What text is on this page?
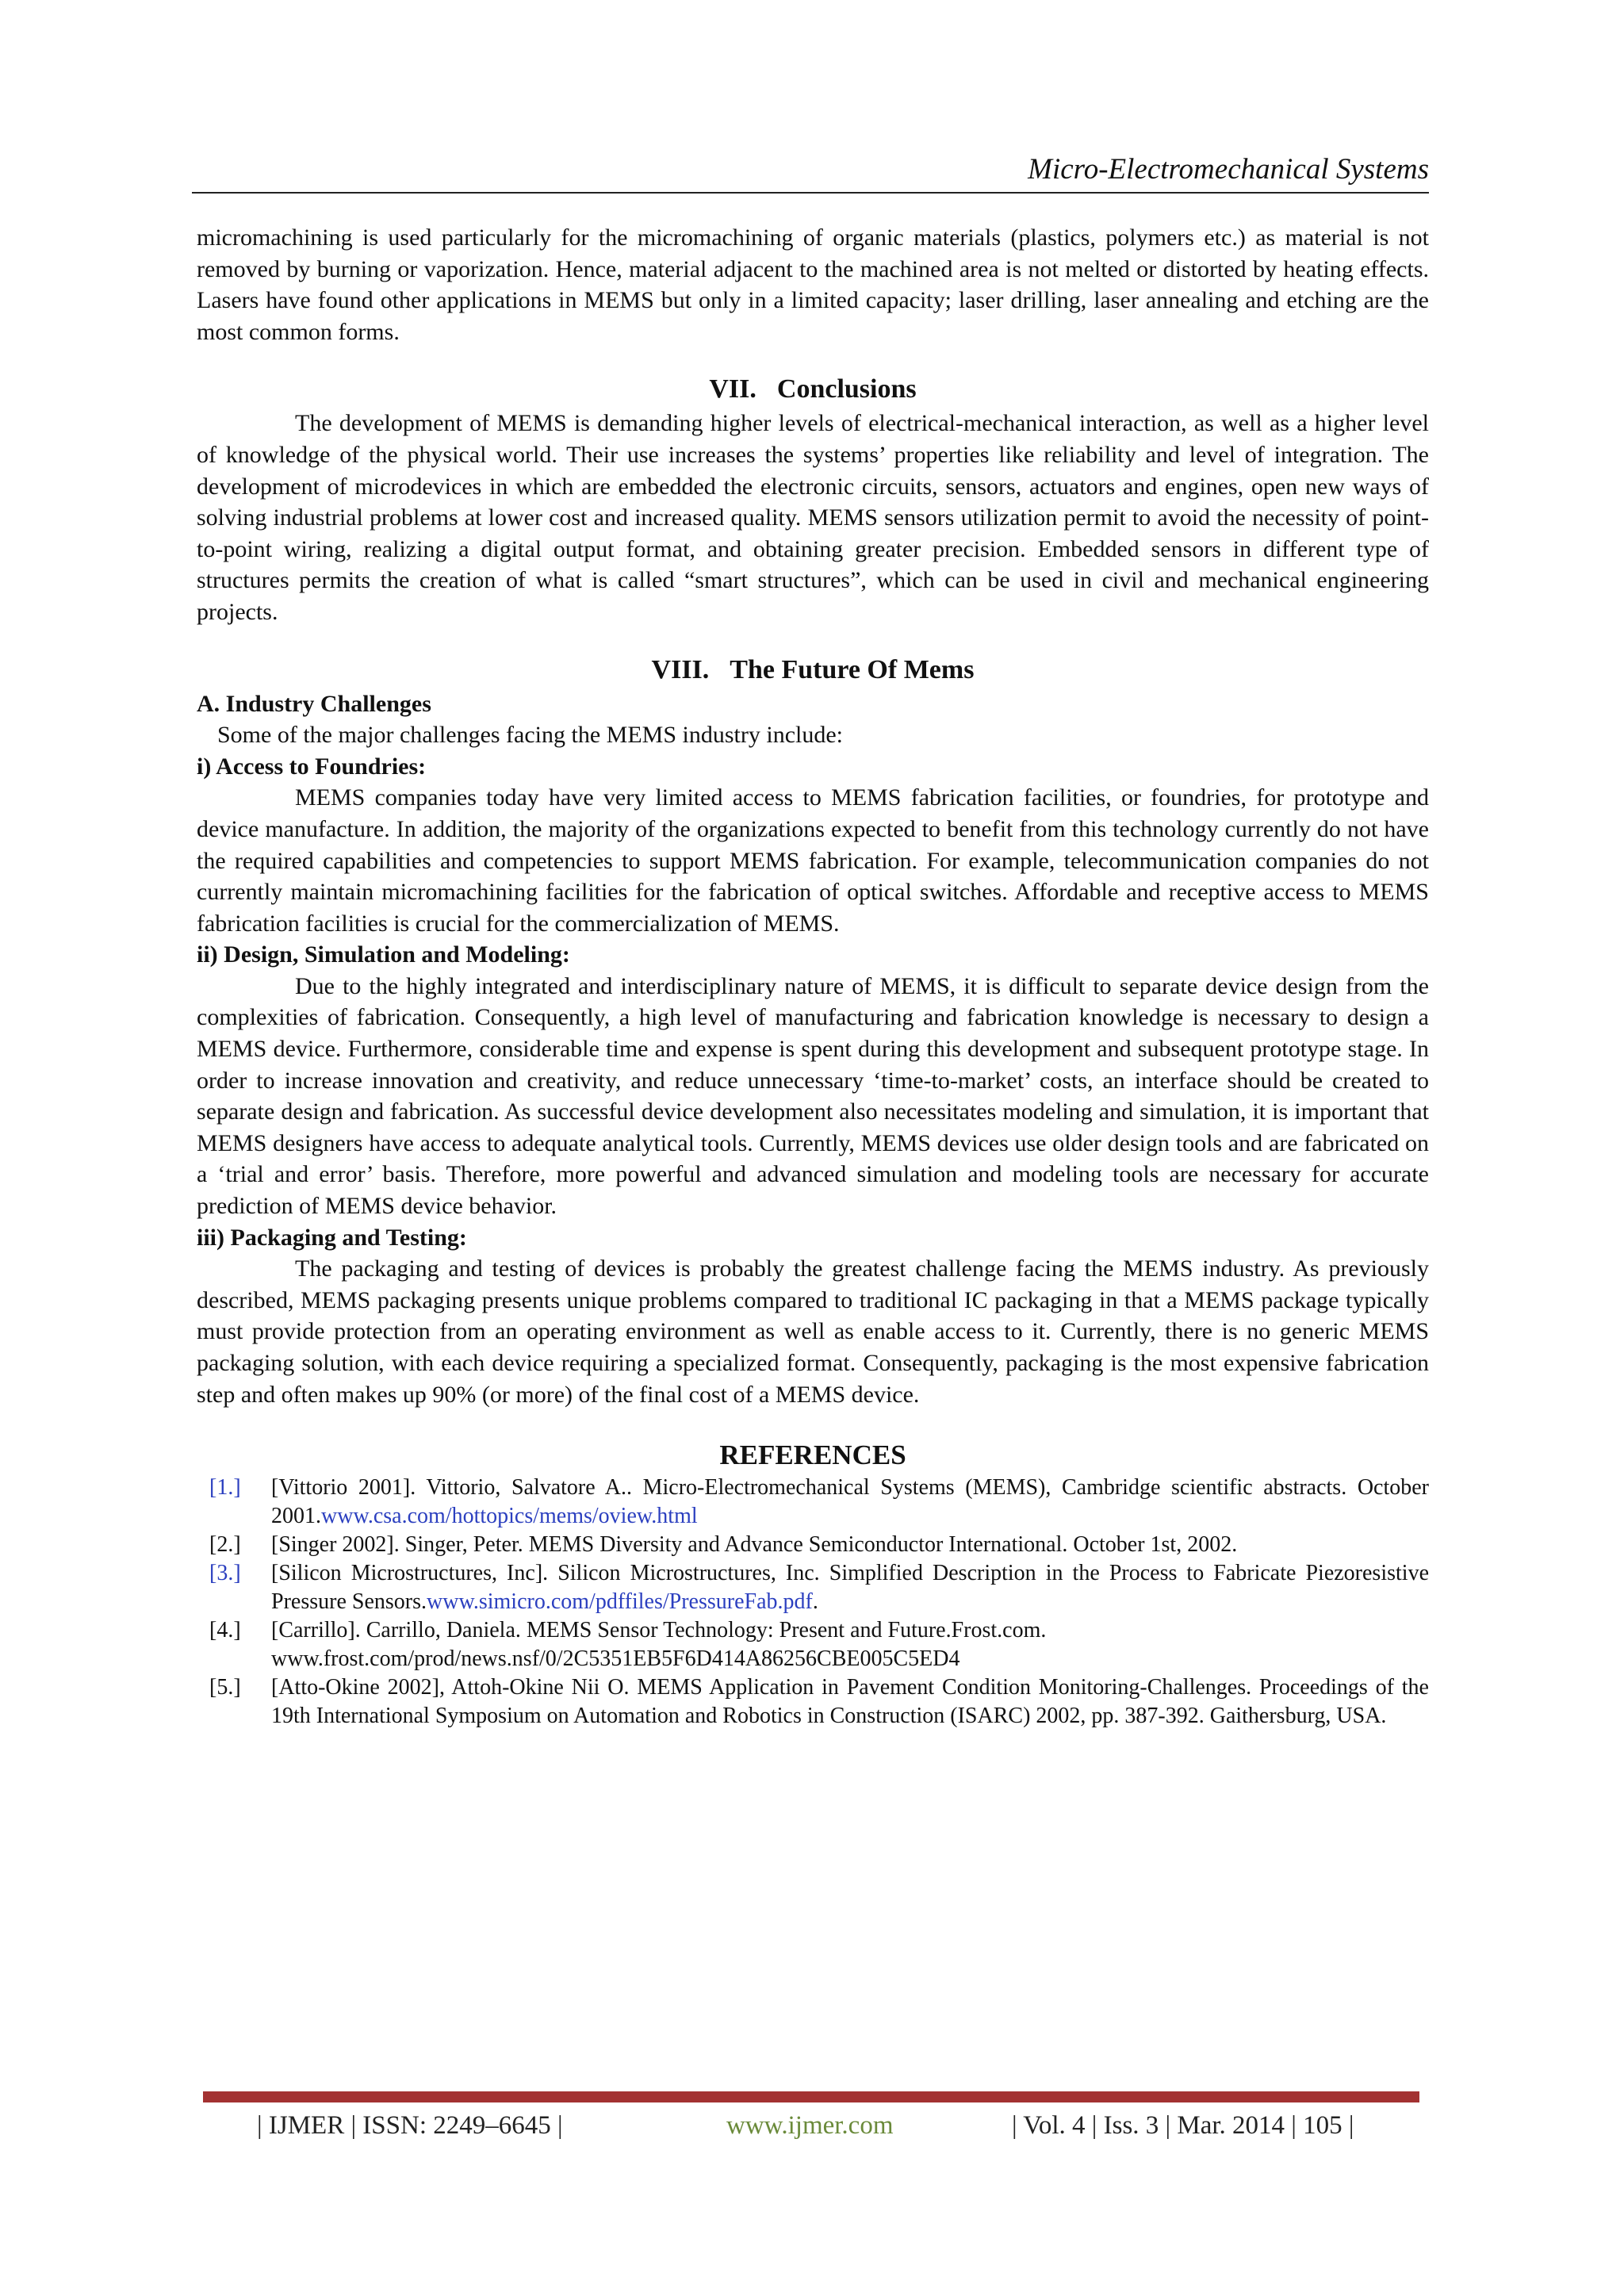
Micro-Electromechanical Systems

micromachining is used particularly for the micromachining of organic materials (plastics, polymers etc.) as material is not removed by burning or vaporization. Hence, material adjacent to the machined area is not melted or distorted by heating effects. Lasers have found other applications in MEMS but only in a limited capacity; laser drilling, laser annealing and etching are the most common forms.

VII. Conclusions

The development of MEMS is demanding higher levels of electrical-mechanical interaction, as well as a higher level of knowledge of the physical world. Their use increases the systems’ properties like reliability and level of integration. The development of microdevices in which are embedded the electronic circuits, sensors, actuators and engines, open new ways of solving industrial problems at lower cost and increased quality. MEMS sensors utilization permit to avoid the necessity of point-to-point wiring, realizing a digital output format, and obtaining greater precision. Embedded sensors in different type of structures permits the creation of what is called “smart structures”, which can be used in civil and mechanical engineering projects.

VIII. The Future Of Mems
A. Industry Challenges

Some of the major challenges facing the MEMS industry include:

i) Access to Foundries:

MEMS companies today have very limited access to MEMS fabrication facilities, or foundries, for prototype and device manufacture. In addition, the majority of the organizations expected to benefit from this technology currently do not have the required capabilities and competencies to support MEMS fabrication. For example, telecommunication companies do not currently maintain micromachining facilities for the fabrication of optical switches. Affordable and receptive access to MEMS fabrication facilities is crucial for the commercialization of MEMS.

ii) Design, Simulation and Modeling:

Due to the highly integrated and interdisciplinary nature of MEMS, it is difficult to separate device design from the complexities of fabrication. Consequently, a high level of manufacturing and fabrication knowledge is necessary to design a MEMS device. Furthermore, considerable time and expense is spent during this development and subsequent prototype stage. In order to increase innovation and creativity, and reduce unnecessary ‘time-to-market’ costs, an interface should be created to separate design and fabrication. As successful device development also necessitates modeling and simulation, it is important that MEMS designers have access to adequate analytical tools. Currently, MEMS devices use older design tools and are fabricated on a ‘trial and error’ basis. Therefore, more powerful and advanced simulation and modeling tools are necessary for accurate prediction of MEMS device behavior.

iii) Packaging and Testing:

The packaging and testing of devices is probably the greatest challenge facing the MEMS industry. As previously described, MEMS packaging presents unique problems compared to traditional IC packaging in that a MEMS package typically must provide protection from an operating environment as well as enable access to it. Currently, there is no generic MEMS packaging solution, with each device requiring a specialized format. Consequently, packaging is the most expensive fabrication step and often makes up 90% (or more) of the final cost of a MEMS device.

REFERENCES
[1.]	[Vittorio 2001]. Vittorio, Salvatore A.. Micro-Electromechanical Systems (MEMS), Cambridge scientific abstracts. October 2001.www.csa.com/hottopics/mems/oview.html
[2.]	[Singer 2002]. Singer, Peter. MEMS Diversity and Advance Semiconductor International. October 1st, 2002.
[3.]	[Silicon Microstructures, Inc]. Silicon Microstructures, Inc. Simplified Description in the Process to Fabricate Piezoresistive Pressure Sensors.www.simicro.com/pdffiles/PressureFab.pdf.
[4.]	[Carrillo]. Carrillo, Daniela. MEMS Sensor Technology: Present and Future.Frost.com.
www.frost.com/prod/news.nsf/0/2C5351EB5F6D414A86256CBE005C5ED4
[5.]	[Atto-Okine 2002], Attoh-Okine Nii O. MEMS Application in Pavement Condition Monitoring-Challenges. Proceedings of the 19th International Symposium on Automation and Robotics in Construction (ISARC) 2002, pp. 387-392. Gaithersburg, USA.
| IJMER | ISSN: 2249–6645 |	www.ijmer.com	| Vol. 4 | Iss. 3 | Mar. 2014 | 105 |
